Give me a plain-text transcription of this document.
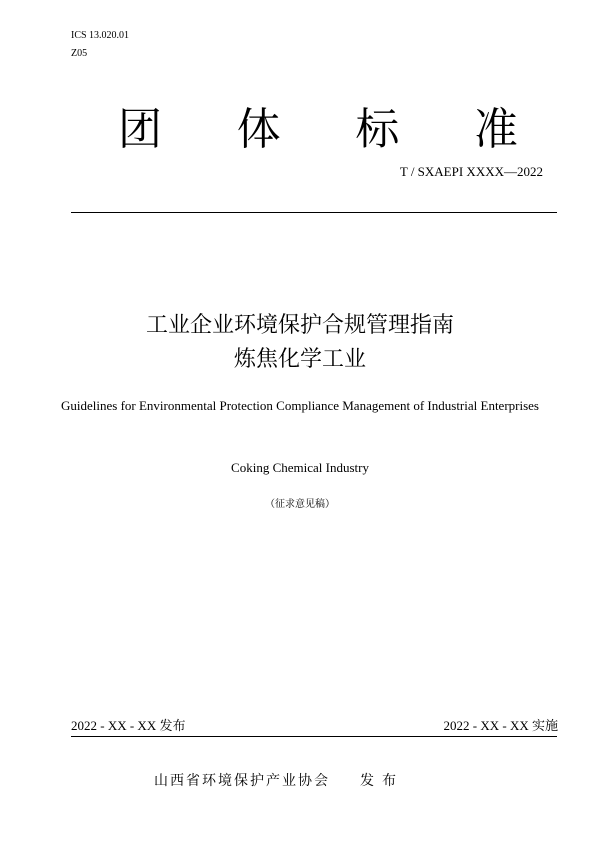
ICS 13.020.01
Z05
团 体 标 准
T / SXAEPI XXXX—2022
工业企业环境保护合规管理指南
炼焦化学工业
Guidelines for Environmental Protection Compliance Management of Industrial Enterprises
Coking Chemical Industry
（征求意见稿）
2022 - XX - XX 发布	2022 - XX - XX 实施
山西省环境保护产业协会 发布
